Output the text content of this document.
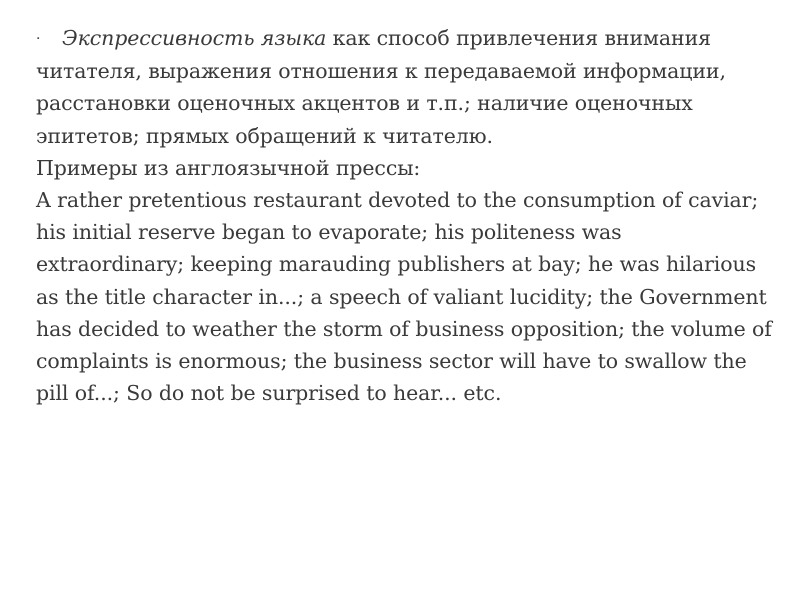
· Экспрессивность языка как способ привлечения внимания читателя, выражения отношения к передаваемой информации, расстановки оценочных акцентов и т.п.; наличие оценочных эпитетов; прямых обращений к читателю.

Примеры из англоязычной прессы:

A rather pretentious restaurant devoted to the consumption of caviar; his initial reserve began to evaporate; his politeness was extraordinary; keeping marauding publishers at bay; he was hilarious as the title character in...; a speech of valiant lucidity; the Government has decided to weather the storm of business opposition; the volume of complaints is enormous; the business sector will have to swallow the pill of...; So do not be surprised to hear... etc.
